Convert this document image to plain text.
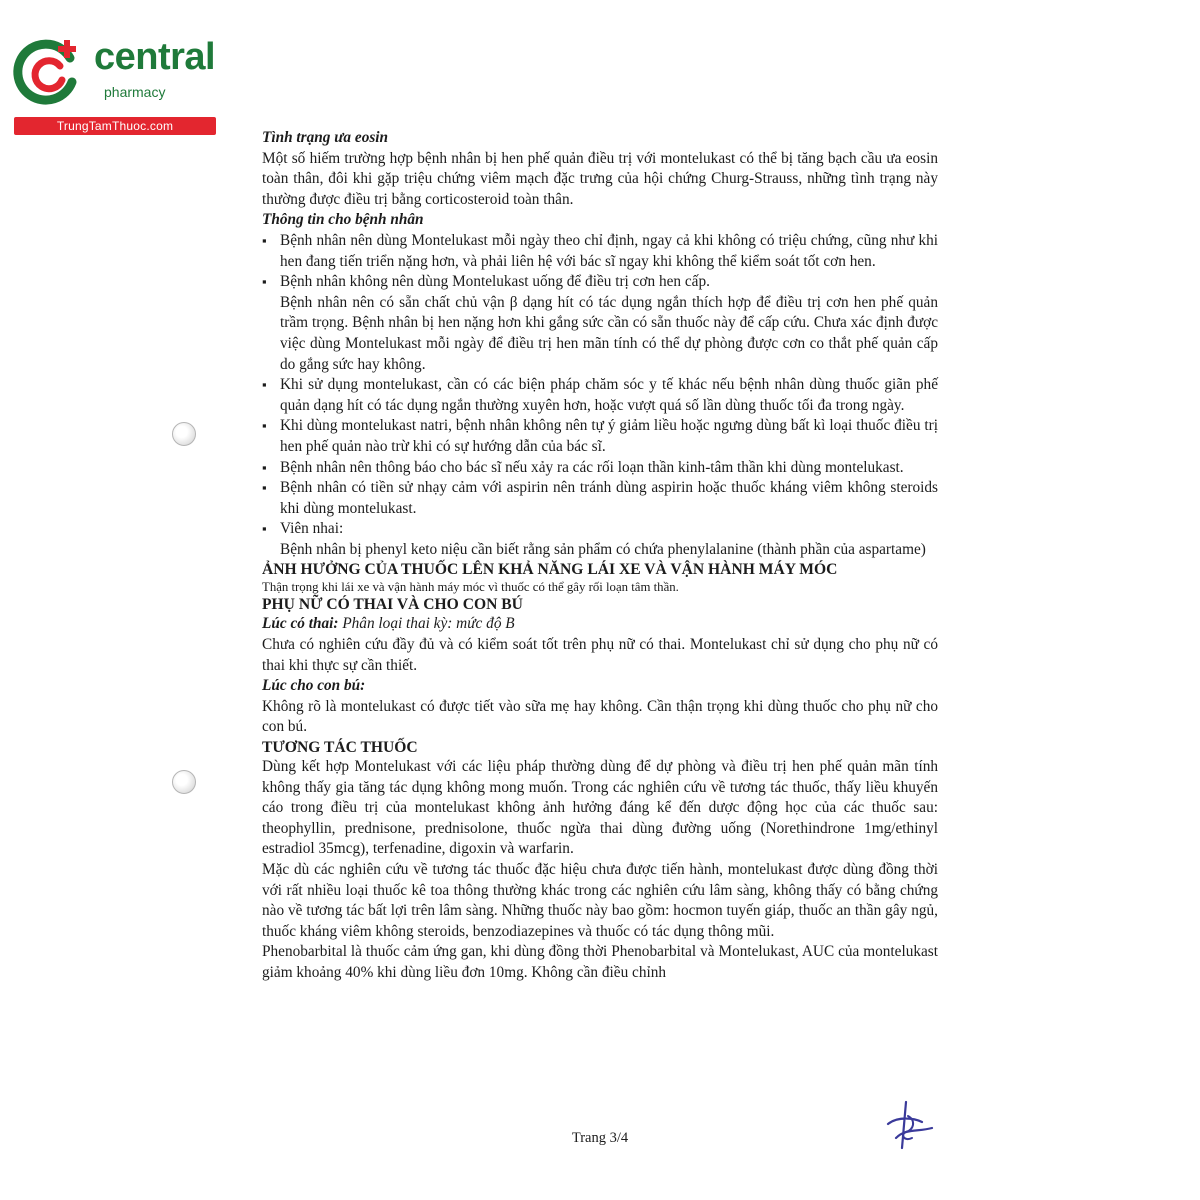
central
pharmacy
TrungTamThuoc.com

Tình trạng ưa eosin

Một số hiếm trường hợp bệnh nhân bị hen phế quản điều trị với montelukast có thể bị tăng bạch cầu ưa eosin toàn thân, đôi khi gặp triệu chứng viêm mạch đặc trưng của hội chứng Churg-Strauss, những tình trạng này thường được điều trị bằng corticosteroid toàn thân.

Thông tin cho bệnh nhân

▪ Bệnh nhân nên dùng Montelukast mỗi ngày theo chỉ định, ngay cả khi không có triệu chứng, cũng như khi hen đang tiến triển nặng hơn, và phải liên hệ với bác sĩ ngay khi không thể kiểm soát tốt cơn hen.
▪ Bệnh nhân không nên dùng Montelukast uống để điều trị cơn hen cấp.
Bệnh nhân nên có sẵn chất chủ vận β dạng hít có tác dụng ngắn thích hợp để điều trị cơn hen phế quản trầm trọng. Bệnh nhân bị hen nặng hơn khi gắng sức cần có sẵn thuốc này để cấp cứu. Chưa xác định được việc dùng Montelukast mỗi ngày để điều trị hen mãn tính có thể dự phòng được cơn co thắt phế quản cấp do gắng sức hay không.
▪ Khi sử dụng montelukast, cần có các biện pháp chăm sóc y tế khác nếu bệnh nhân dùng thuốc giãn phế quản dạng hít có tác dụng ngắn thường xuyên hơn, hoặc vượt quá số lần dùng thuốc tối đa trong ngày.
▪ Khi dùng montelukast natri, bệnh nhân không nên tự ý giảm liều hoặc ngưng dùng bất kì loại thuốc điều trị hen phế quản nào trừ khi có sự hướng dẫn của bác sĩ.
▪ Bệnh nhân nên thông báo cho bác sĩ nếu xảy ra các rối loạn thần kinh-tâm thần khi dùng montelukast.
▪ Bệnh nhân có tiền sử nhạy cảm với aspirin nên tránh dùng aspirin hoặc thuốc kháng viêm không steroids khi dùng montelukast.
▪ Viên nhai:
Bệnh nhân bị phenyl keto niệu cần biết rằng sản phẩm có chứa phenylalanine (thành phần của aspartame)

ẢNH HƯỞNG CỦA THUỐC LÊN KHẢ NĂNG LÁI XE VÀ VẬN HÀNH MÁY MÓC

Thận trọng khi lái xe và vận hành máy móc vì thuốc có thể gây rối loạn tâm thần.

PHỤ NỮ CÓ THAI VÀ CHO CON BÚ

Lúc có thai: Phân loại thai kỳ: mức độ B

Chưa có nghiên cứu đầy đủ và có kiểm soát tốt trên phụ nữ có thai. Montelukast chỉ sử dụng cho phụ nữ có thai khi thực sự cần thiết.

Lúc cho con bú:

Không rõ là montelukast có được tiết vào sữa mẹ hay không. Cần thận trọng khi dùng thuốc cho phụ nữ cho con bú.

TƯƠNG TÁC THUỐC

Dùng kết hợp Montelukast với các liệu pháp thường dùng để dự phòng và điều trị hen phế quản mãn tính không thấy gia tăng tác dụng không mong muốn. Trong các nghiên cứu về tương tác thuốc, thấy liều khuyến cáo trong điều trị của montelukast không ảnh hưởng đáng kể đến dược động học của các thuốc sau: theophyllin, prednisone, prednisolone, thuốc ngừa thai dùng đường uống (Norethindrone 1mg/ethinyl estradiol 35mcg), terfenadine, digoxin và warfarin.

Mặc dù các nghiên cứu về tương tác thuốc đặc hiệu chưa được tiến hành, montelukast được dùng đồng thời với rất nhiều loại thuốc kê toa thông thường khác trong các nghiên cứu lâm sàng, không thấy có bằng chứng nào về tương tác bất lợi trên lâm sàng. Những thuốc này bao gồm: hocmon tuyến giáp, thuốc an thần gây ngủ, thuốc kháng viêm không steroids, benzodiazepines và thuốc có tác dụng thông mũi.

Phenobarbital là thuốc cảm ứng gan, khi dùng đồng thời Phenobarbital và Montelukast, AUC của montelukast giảm khoảng 40% khi dùng liều đơn 10mg. Không cần điều chỉnh

Trang 3/4
